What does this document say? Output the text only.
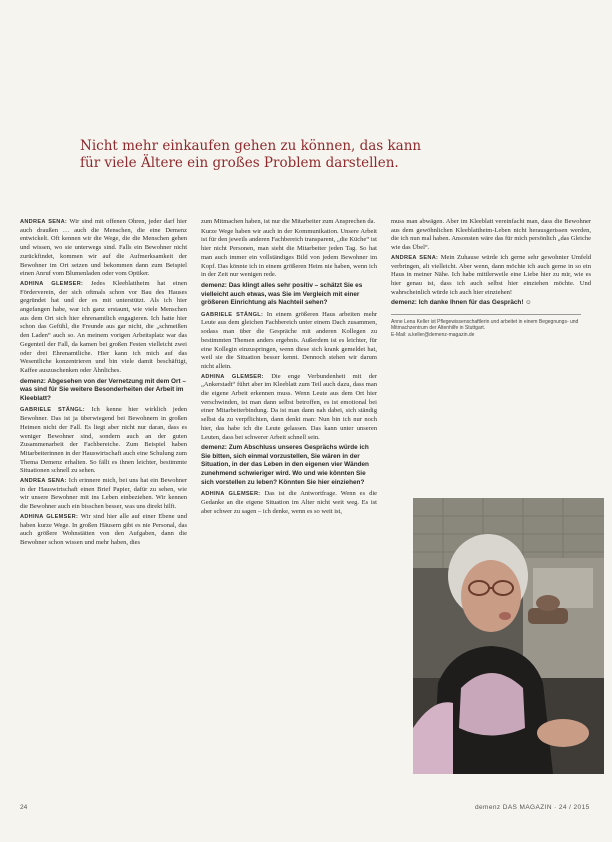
Nicht mehr einkaufen gehen zu können, das kann für viele Ältere ein großes Problem darstellen.

ANDREA SENA: Wir sind mit offenen Ohren, jeder darf hier auch draußen … auch die Menschen, die eine Demenz entwickelt. Oft kennen wir die Wege, die die Menschen gehen und wissen, wo sie unterwegs sind. Falls ein Bewohner nicht zurückfindet, kommen wir auf die Aufmerksamkeit der Bewohner im Ort setzen und bekommen dann zum Beispiel einen Anruf vom Blumenladen oder vom Optiker.

ADHINA GLEMSER: Jedes Kleeblattheim hat einen Förderverein, der sich oftmals schon vor Bau des Hauses gegründet hat und der es mit unterstützt. Als ich hier angefangen habe, war ich ganz erstaunt, wie viele Menschen aus dem Ort sich hier ehrenamtlich engagieren. Ich hatte hier schon das Gefühl, die Freunde aus gar nicht, die „schmeißen den Laden“ auch so. An meinem vorigen Arbeitsplatz war das Gegenteil der Fall, da kamen bei großen Festen vielleicht zwei oder drei Ehrenamtliche. Hier kann ich mich auf das Wesentliche konzentrieren und bin viele damit beschäftigt, Kaffee auszuschenken oder Ähnliches.

demenz: Abgesehen von der Vernetzung mit dem Ort – was sind für Sie weitere Besonderheiten der Arbeit im Kleeblatt?

GABRIELE STÄNGL: Ich kenne hier wirklich jeden Bewohner. Das ist ja überwiegend bei Bewohnern in großen Heimen nicht der Fall. Es liegt aber nicht nur daran, dass es weniger Bewohner sind, sondern auch an der guten Zusammenarbeit der Fachbereiche. Zum Beispiel haben Mitarbeiterinnen in der Hauswirtschaft auch eine Schulung zum Thema Demenz erhalten. So fällt es ihnen leichter, bestimmte Situationen schnell zu sehen.

ANDREA SENA: Ich erinnere mich, bei uns hat ein Bewohner in der Hauswirtschaft einen Brief Papier, dafür zu sehen, wie wir unsere Bewohner mit ins Leben einbeziehen. Wir kennen die Bewohner auch ein bisschen besser, was uns direkt hilft.

ADHINA GLEMSER: Wir sind hier alle auf einer Ebene und haben kurze Wege. In großen Häusern gibt es nie Personal, das auch größere Wohnstätten von den Aufgaben, dann die Bewohner schon wissen und mehr haben, dies

zum Mitmachen haben, ist nur die Mitarbeiter zum Ansprechen da.

Kurze Wege haben wir auch in der Kommunikation. Unsere Arbeit ist für den jeweils anderen Fachbereich transparent, „die Küche“ ist hier nicht Personen, man sieht die Mitarbeiter jeden Tag. So hat man auch immer ein vollständiges Bild von jedem Bewohner im Kopf. Das könnte ich in einem größeren Heim nie haben, wenn ich in der Zeit nur wenigen rede.

demenz: Das klingt alles sehr positiv – schätzt Sie es vielleicht auch etwas, was Sie im Vergleich mit einer größeren Einrichtung als Nachteil sehen?

GABRIELE STÄNGL: In einem größeren Haus arbeiten mehr Leute aus dem gleichen Fachbereich unter einem Dach zusammen, sodass man über die Gespräche mit anderen Kollegen zu bestimmten Themen anders ergebnis. Außerdem ist es leichter, für eine Kollegin einzuspringen, wenn diese sich krank gemeldet hat, weil sie die Situation besser kennt. Dennoch stehen wir darum nicht allein.

ADHINA GLEMSER: Die enge Verbundenheit mit der „Ankerstadt“ führt aber im Kleeblatt zum Teil auch dazu, dass man die eigene Arbeit erkennen muss. Wenn Leute aus dem Ort hier verschwinden, ist man dann selbst betroffen, es ist emotional bei einer Mitarbeiterbindung. Da ist man dann nah dabei, sich ständig selbst da zu verpflichten, dann denkt man: Nun bin ich nur noch hier, das habe ich die Leute gelassen. Das kann unter unseren Leuten, dass bei schwerer Arbeit schnell sein.

demenz: Zum Abschluss unseres Gesprächs würde ich Sie bitten, sich einmal vorzustellen, Sie wären in der Situation, in der das Leben in den eigenen vier Wänden zunehmend schwieriger wird. Wo und wie könnten Sie sich vorstellen zu leben? Könnten Sie hier einziehen?

ADHINA GLEMSER: Das ist die Antwortfrage. Wenn es die Gedanke an die eigene Situation im Alter nicht weit weg. Es ist aber schwer zu sagen – ich denke, wenn es so weit ist,

muss man abwägen. Aber im Kleeblatt vereinfacht man, dass die Bewohner aus dem gewöhnlichen Kleeblattheim-Leben nicht herausgerissen werden, die ich nun mal haben. Ansonsten wäre das für mich persönlich „das Gleiche wie das Übel“.

ANDREA SENA: Mein Zuhause würde ich gerne sehr gewohnter Umfeld verbringen, alt vielleicht. Aber wenn, dann möchte ich auch gerne in so ein Haus in meiner Nähe. Ich habe mittlerweile eine Liebe hier zu mir, wie es hier genau ist, dass ich auch selbst hier einziehen möchte. Und wahrscheinlich würde ich auch hier einziehen!

demenz: Ich danke Ihnen für das Gespräch! ☺
Anne Lena Keller ist Pflegewissenschaftlerin und arbeitet in einem Begegnungs- und Mitmachzentrum der Altenhilfe in Stuttgart.
E-Mail: a.keller@demenz-magazin.de
24	demenz DAS MAGAZIN · 24 / 2015
